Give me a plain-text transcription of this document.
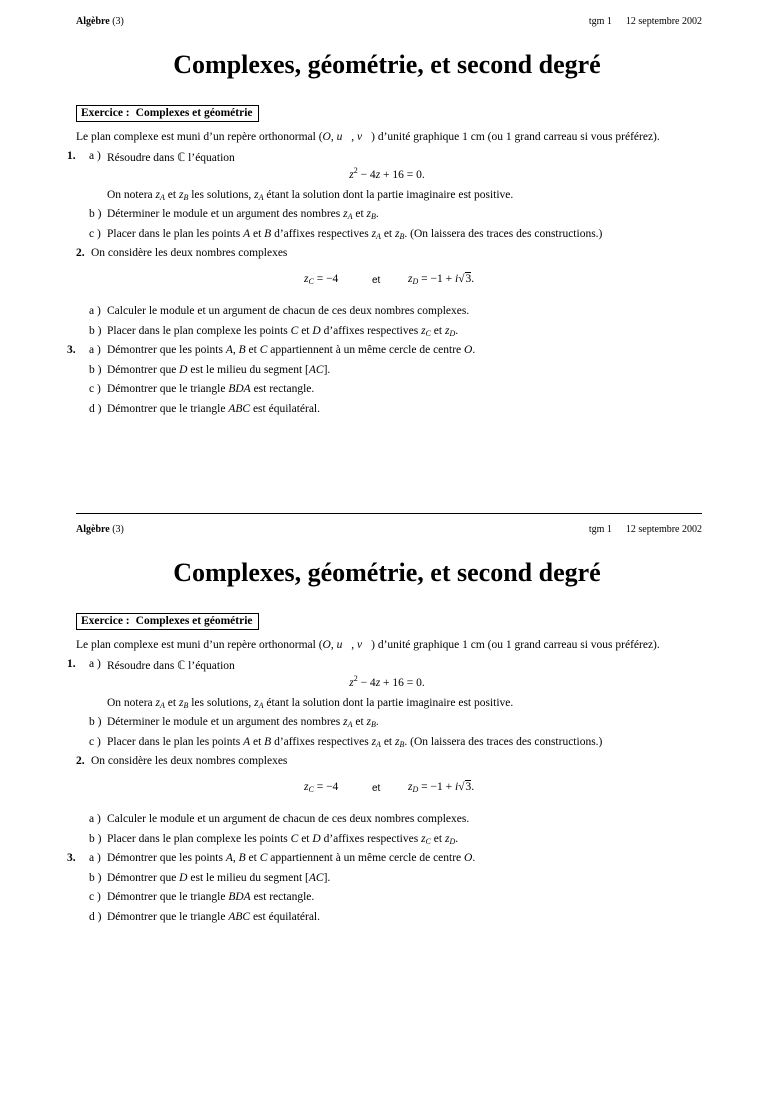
Algèbre (3)	tgm 1 12 septembre 2002
Complexes, géométrie, et second degré
Exercice : Complexes et géométrie
Le plan complexe est muni d’un repère orthonormal (O, u⃗, v⃗) d’unité graphique 1 cm (ou 1 grand carreau si vous préférez).
1. a ) Résoudre dans ℂ l’équation
$z^2 - 4z + 16 = 0$.
On notera $z_A$ et $z_B$ les solutions, $z_A$ étant la solution dont la partie imaginaire est positive.
b ) Déterminer le module et un argument des nombres $z_A$ et $z_B$.
c ) Placer dans le plan les points A et B d’affixes respectives $z_A$ et $z_B$. (On laissera des traces des constructions.)
2. On considère les deux nombres complexes
$z_C = -4$	et $z_D = -1 + i√3$.
a ) Calculer le module et un argument de chacun de ces deux nombres complexes.
b ) Placer dans le plan complexe les points C et D d’affixes respectives $z_C$ et $z_D$.
3. a ) Démontrer que les points A, B et C appartiennent à un même cercle de centre O.
b ) Démontrer que D est le milieu du segment [AC].
c ) Démontrer que le triangle BDA est rectangle.
d ) Démontrer que le triangle ABC est équilatéral.
Algèbre (3)	tgm 1 12 septembre 2002
Complexes, géométrie, et second degré
Exercice : Complexes et géométrie
Le plan complexe est muni d’un repère orthonormal (O, u⃗, v⃗) d’unité graphique 1 cm (ou 1 grand carreau si vous préférez).
1. a ) Résoudre dans ℂ l’équation
$z^2 - 4z + 16 = 0$.
On notera $z_A$ et $z_B$ les solutions, $z_A$ étant la solution dont la partie imaginaire est positive.
b ) Déterminer le module et un argument des nombres $z_A$ et $z_B$.
c ) Placer dans le plan les points A et B d’affixes respectives $z_A$ et $z_B$. (On laissera des traces des constructions.)
2. On considère les deux nombres complexes
$z_C = -4$	et $z_D = -1 + i√3$.
a ) Calculer le module et un argument de chacun de ces deux nombres complexes.
b ) Placer dans le plan complexe les points C et D d’affixes respectives $z_C$ et $z_D$.
3. a ) Démontrer que les points A, B et C appartiennent à un même cercle de centre O.
b ) Démontrer que D est le milieu du segment [AC].
c ) Démontrer que le triangle BDA est rectangle.
d ) Démontrer que le triangle ABC est équilatéral.
